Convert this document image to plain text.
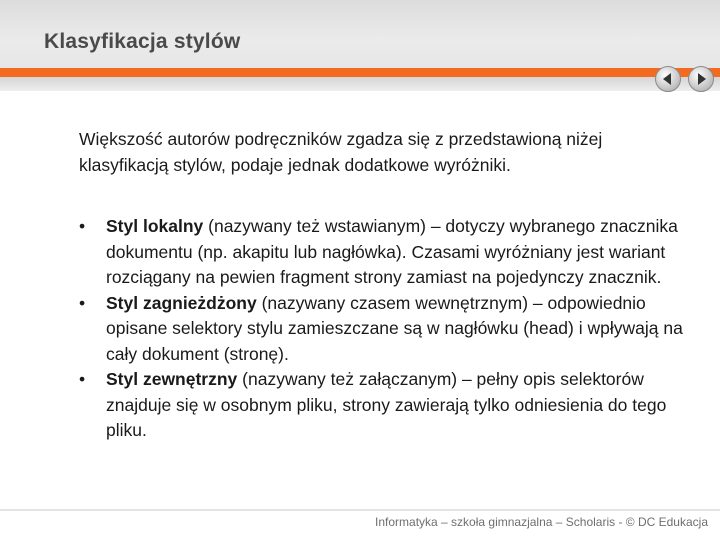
Klasyfikacja stylów

Większość autorów podręczników zgadza się z przedstawioną niżej klasyfikacją stylów, podaje jednak dodatkowe wyróżniki.

• Styl lokalny (nazywany też wstawianym) – dotyczy wybranego znacznika dokumentu (np. akapitu lub nagłówka). Czasami wyróżniany jest wariant rozciągany na pewien fragment strony zamiast na pojedynczy znacznik.
• Styl zagnieżdżony (nazywany czasem wewnętrznym) – odpowiednio opisane selektory stylu zamieszczane są w nagłówku (head) i wpływają na cały dokument (stronę).
• Styl zewnętrzny (nazywany też załączanym) – pełny opis selektorów znajduje się w osobnym pliku, strony zawierają tylko odniesienia do tego pliku.
Informatyka – szkoła gimnazjalna – Scholaris - © DC Edukacja
